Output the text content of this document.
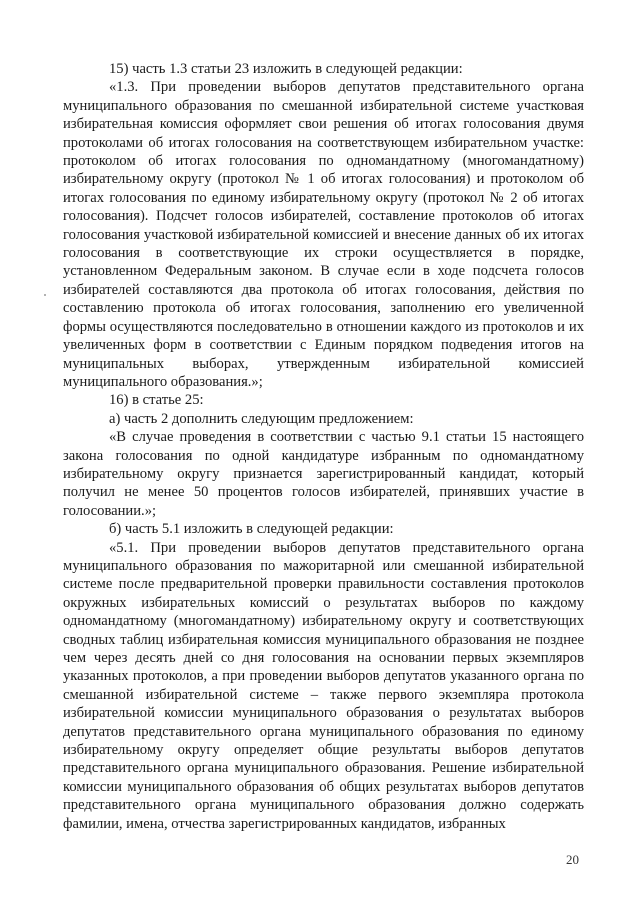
15) часть 1.3 статьи 23 изложить в следующей редакции:

«1.3. При проведении выборов депутатов представительного органа муниципального образования по смешанной избирательной системе участковая избирательная комиссия оформляет свои решения об итогах голосования двумя протоколами об итогах голосования на соответствующем избирательном участке: протоколом об итогах голосования по одномандатному (многомандатному) избирательному округу (протокол № 1 об итогах голосования) и протоколом об итогах голосования по единому избирательному округу (протокол № 2 об итогах голосования). Подсчет голосов избирателей, составление протоколов об итогах голосования участковой избирательной комиссией и внесение данных об их итогах голосования в соответствующие их строки осуществляется в порядке, установленном Федеральным законом. В случае если в ходе подсчета голосов избирателей составляются два протокола об итогах голосования, действия по составлению протокола об итогах голосования, заполнению его увеличенной формы осуществляются последовательно в отношении каждого из протоколов и их увеличенных форм в соответствии с Единым порядком подведения итогов на муниципальных выборах, утвержденным избирательной комиссией муниципального образования.»;

16) в статье 25:

а) часть 2 дополнить следующим предложением:

«В случае проведения в соответствии с частью 9.1 статьи 15 настоящего закона голосования по одной кандидатуре избранным по одномандатному избирательному округу признается зарегистрированный кандидат, который получил не менее 50 процентов голосов избирателей, принявших участие в голосовании.»;

б) часть 5.1 изложить в следующей редакции:

«5.1. При проведении выборов депутатов представительного органа муниципального образования по мажоритарной или смешанной избирательной системе после предварительной проверки правильности составления протоколов окружных избирательных комиссий о результатах выборов по каждому одномандатному (многомандатному) избирательному округу и соответствующих сводных таблиц избирательная комиссия муниципального образования не позднее чем через десять дней со дня голосования на основании первых экземпляров указанных протоколов, а при проведении выборов депутатов указанного органа по смешанной избирательной системе – также первого экземпляра протокола избирательной комиссии муниципального образования о результатах выборов депутатов представительного органа муниципального образования по единому избирательному округу определяет общие результаты выборов депутатов представительного органа муниципального образования. Решение избирательной комиссии муниципального образования об общих результатах выборов депутатов представительного органа муниципального образования должно содержать фамилии, имена, отчества зарегистрированных кандидатов, избранных

20
